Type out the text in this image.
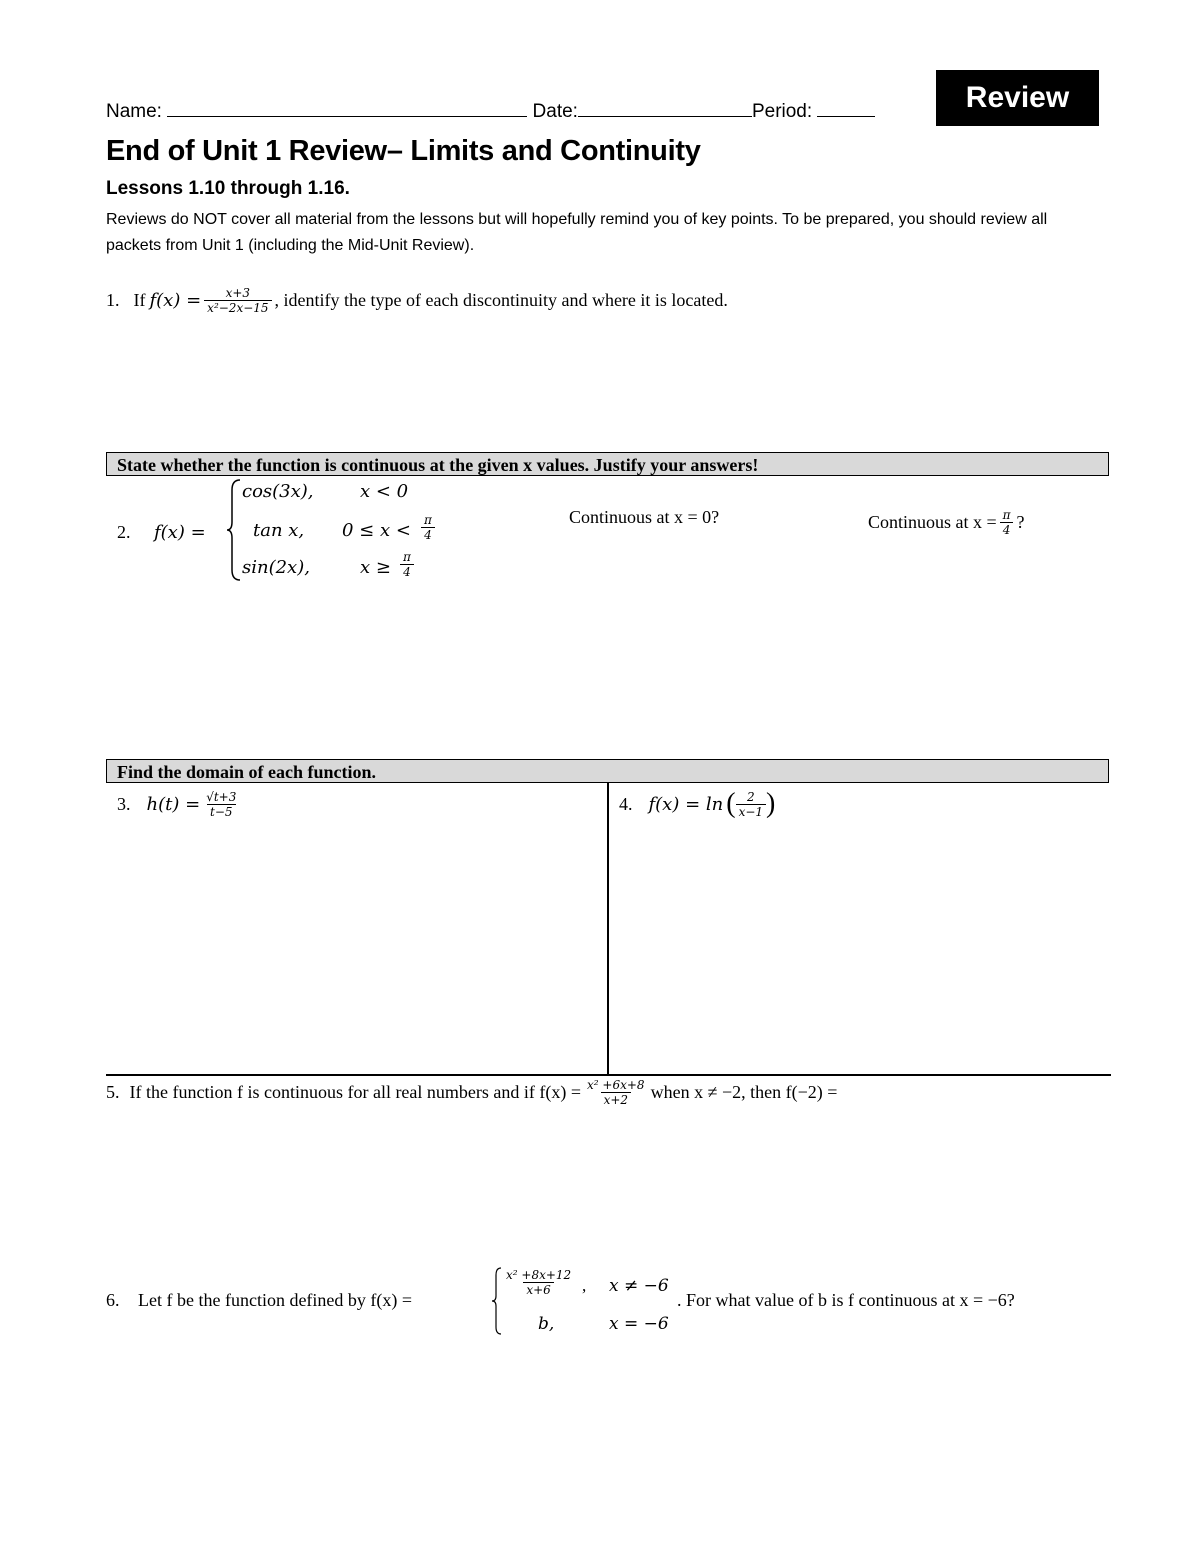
Name:	Date:	Period:	Review
End of Unit 1 Review– Limits and Continuity
Lessons 1.10 through 1.16.
Reviews do NOT cover all material from the lessons but will hopefully remind you of key points. To be prepared, you should review all packets from Unit 1 (including the Mid-Unit Review).
1. If $f(x) = \frac{x+3}{\text{x²−2x−15}}$ , identify the type of each discontinuity and where it is located.
State whether the function is continuous at the given x values. Justify your answers!
2. f(x) =
cos(3x),	x < 0
tan x, $0 \le x < \frac{\pi}{4}$
sin(2x),	$x \ge \frac{\pi}{4}$
Continuous at x = 0?	Continuous at $x = \frac{\pi}{4}$ ?
Find the domain of each function.
3. $h(t) = \frac{√t+3}{t-5}$	4. f(x) = ln ( $\frac{2}{x-1}$ )
5. If the function f is continuous for all real numbers and if $f(x) = \frac{\text{x² +6x+8}}{x+2}$ when x ≠ −2, then f(−2) =
6. Let f be the function defined by f(x) =
$\frac{\text{x² +8x+12}}{x+6}$ x ≠ −6
,
b,	x = −6
. For what value of b is f continuous at x = −6?
